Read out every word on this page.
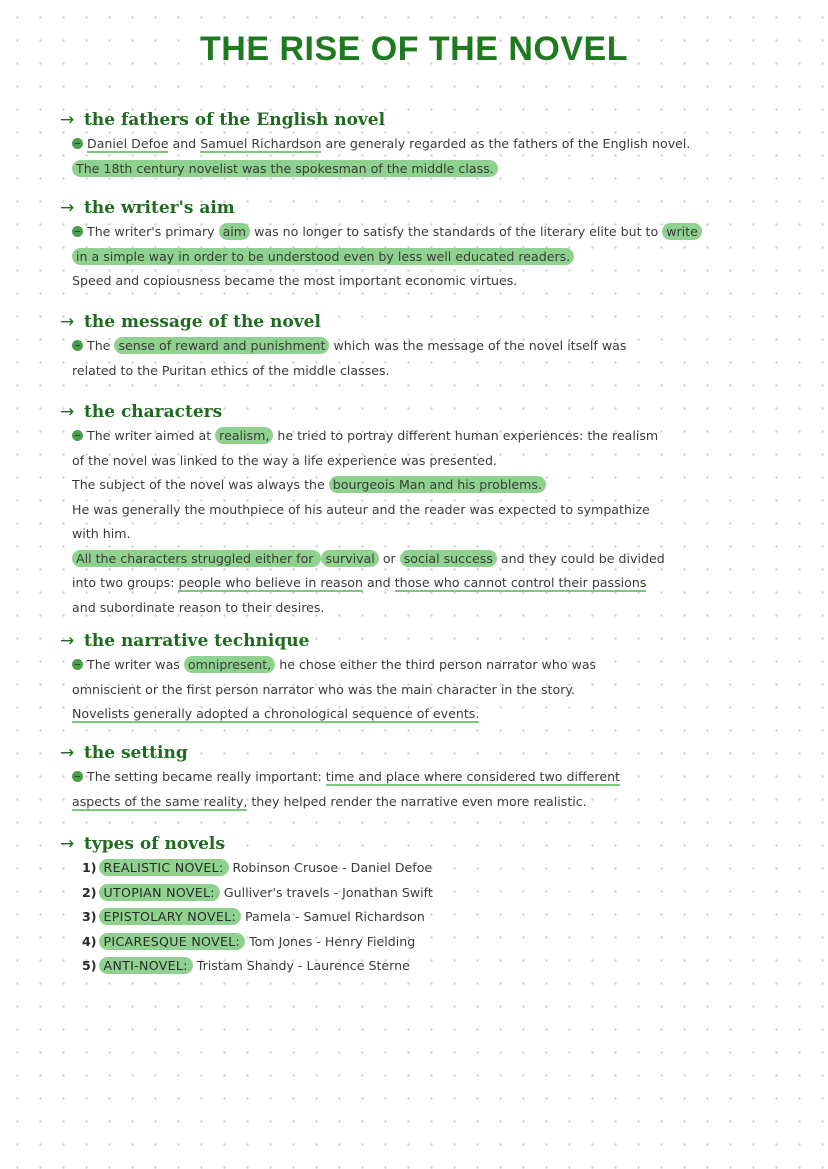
THE RISE OF THE NOVEL
→ the fathers of the English novel
Daniel Defoe and Samuel Richardson are generaly regarded as the fathers of the English novel.
The 18th century novelist was the spokesman of the middle class.
→ the writer's aim
The writer's primary aim was no longer to satisfy the standards of the literary elite but to write
in a simple way in order to be understood even by less well educated readers.
Speed and copiousness became the most important economic virtues.
→ the message of the novel
The sense of reward and punishment which was the message of the novel itself was
related to the Puritan ethics of the middle classes.
→ the characters
The writer aimed at realism, he tried to portray different human experiences: the realism
of the novel was linked to the way a life experience was presented.
The subject of the novel was always the bourgeois Man and his problems.
He was generally the mouthpiece of his auteur and the reader was expected to sympathize
with him.
All the characters struggled either for survival or social success and they could be divided
into two groups: people who believe in reason and those who cannot control their passions
and subordinate reason to their desires.
→ the narrative technique
The writer was omnipresent, he chose either the third person narrator who was
omniscient or the first person narrator who was the main character in the story.
Novelists generally adopted a chronological sequence of events.
→ the setting
The setting became really important: time and place where considered two different
aspects of the same reality, they helped render the narrative even more realistic.
→ types of novels
1) REALISTIC NOVEL: Robinson Crusoe - Daniel Defoe
2) UTOPIAN NOVEL: Gulliver's travels - Jonathan Swift
3) EPISTOLARY NOVEL: Pamela - Samuel Richardson
4) PICARESQUE NOVEL: Tom Jones - Henry Fielding
5) ANTI-NOVEL: Tristam Shandy - Laurence Sterne
